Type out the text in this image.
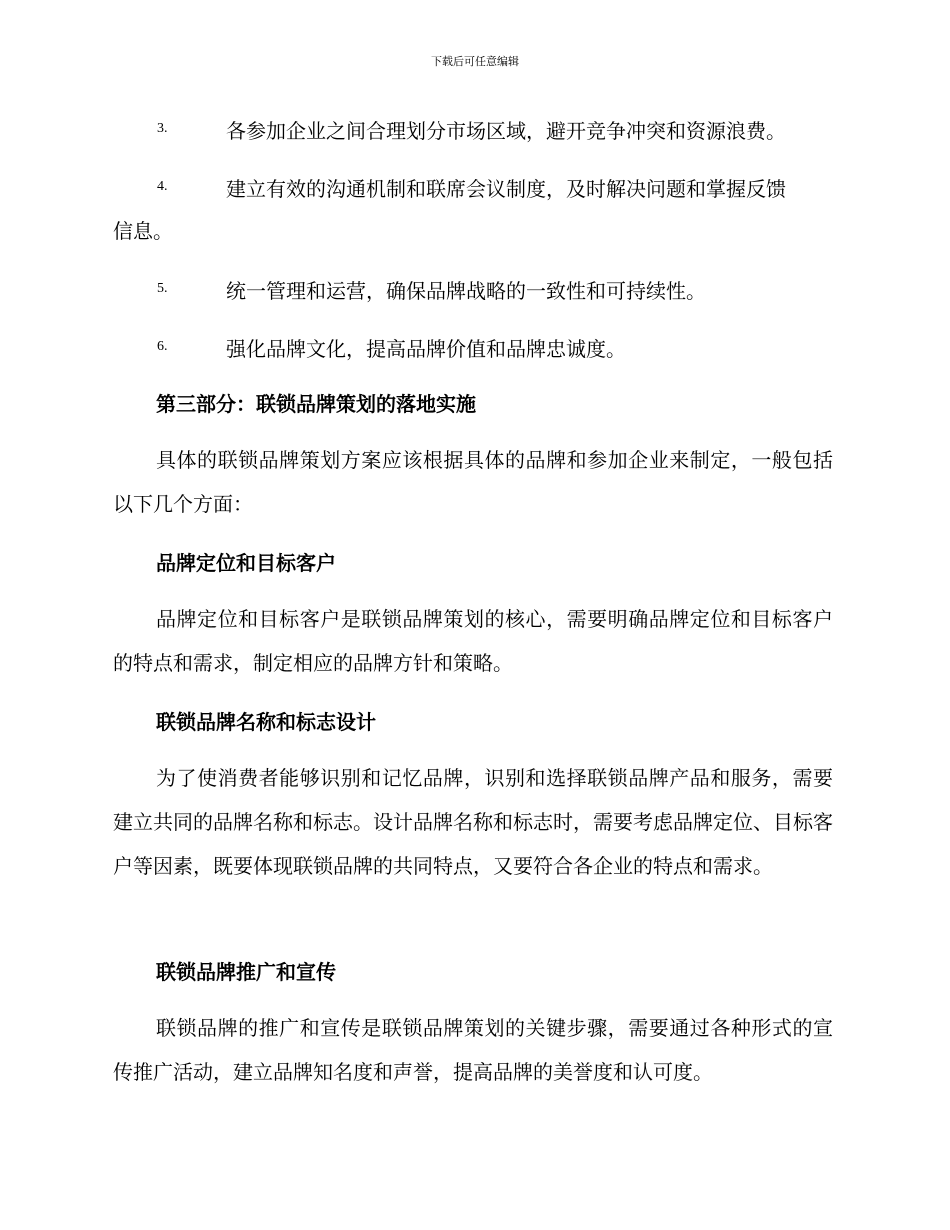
下载后可任意编辑
3.	各参加企业之间合理划分市场区域，避开竞争冲突和资源浪费。
4.	建立有效的沟通机制和联席会议制度，及时解决问题和掌握反馈
信息。
5.	统一管理和运营，确保品牌战略的一致性和可持续性。
6.	强化品牌文化，提高品牌价值和品牌忠诚度。
第三部分：联锁品牌策划的落地实施
具体的联锁品牌策划方案应该根据具体的品牌和参加企业来制定，一般包括以下几个方面：
品牌定位和目标客户
品牌定位和目标客户是联锁品牌策划的核心，需要明确品牌定位和目标客户的特点和需求，制定相应的品牌方针和策略。
联锁品牌名称和标志设计
为了使消费者能够识别和记忆品牌，识别和选择联锁品牌产品和服务，需要建立共同的品牌名称和标志。设计品牌名称和标志时，需要考虑品牌定位、目标客户等因素，既要体现联锁品牌的共同特点，又要符合各企业的特点和需求。
联锁品牌推广和宣传
联锁品牌的推广和宣传是联锁品牌策划的关键步骤，需要通过各种形式的宣传推广活动，建立品牌知名度和声誉，提高品牌的美誉度和认可度。
